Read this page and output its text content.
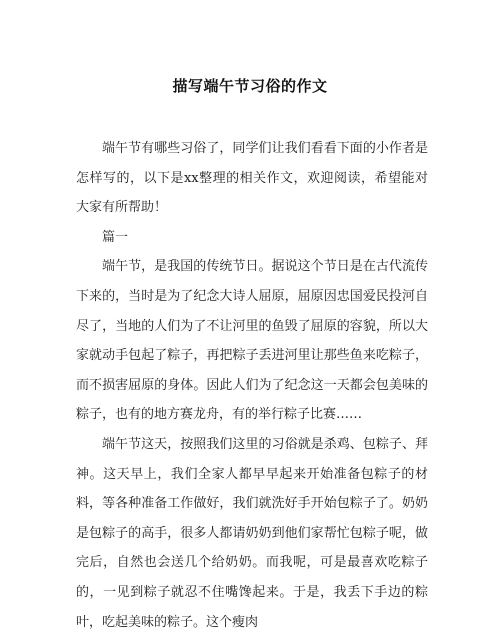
描写端午节习俗的作文

端午节有哪些习俗了，同学们让我们看看下面的小作者是怎样写的，以下是xx整理的相关作文，欢迎阅读，希望能对大家有所帮助！

篇一

端午节，是我国的传统节日。据说这个节日是在古代流传下来的，当时是为了纪念大诗人屈原，屈原因忠国爱民投河自尽了，当地的人们为了不让河里的鱼毁了屈原的容貌，所以大家就动手包起了粽子，再把粽子丢进河里让那些鱼来吃粽子，而不损害屈原的身体。因此人们为了纪念这一天都会包美味的粽子，也有的地方赛龙舟，有的举行粽子比赛……

端午节这天，按照我们这里的习俗就是杀鸡、包粽子、拜神。这天早上，我们全家人都早早起来开始准备包粽子的材料，等各种准备工作做好，我们就洗好手开始包粽子了。奶奶是包粽子的高手，很多人都请奶奶到他们家帮忙包粽子呢，做完后，自然也会送几个给奶奶。而我呢，可是最喜欢吃粽子的，一见到粽子就忍不住嘴馋起来。于是，我丢下手边的粽叶，吃起美味的粽子。这个瘦肉
